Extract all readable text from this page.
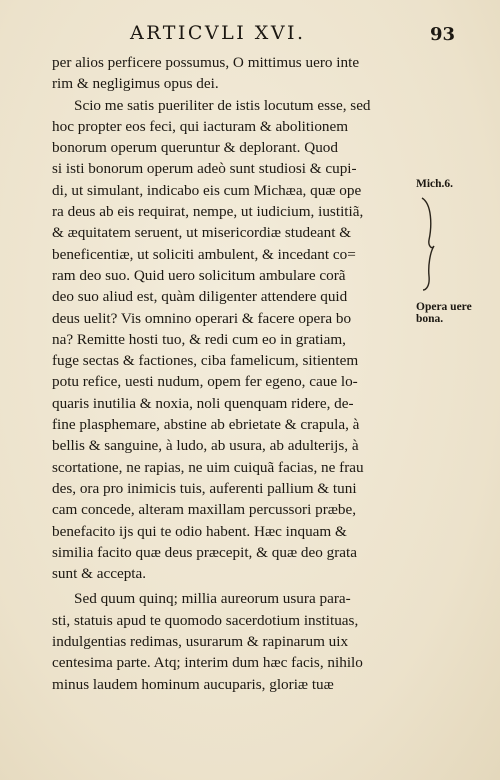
ARTICVLI XVI.	93
per alios perficere possumus, O mittimus uero inte
rim & negligimus opus dei.
Scio me satis pueriliter de istis locutum esse, sed
hoc propter eos feci, qui iacturam & abolitionem
bonorum operum queruntur & deplorant. Quod
si isti bonorum operum adeò sunt studiosi & cupi-
di, ut simulant, indicabo eis cum Michæa, quæ ope
ra deus ab eis requirat, nempe, ut iudicium, iustitiã,
& æquitatem seruent, ut misericordiæ studeant &
beneficentiæ, ut soliciti ambulent, & incedant co=
ram deo suo. Quid uero solicitum ambulare corã
deo suo aliud est, quàm diligenter attendere quid
deus uelit? Vis omnino operari & facere opera bo
na? Remitte hosti tuo, & redi cum eo in gratiam,
fuge sectas & factiones, ciba famelicum, sitientem
potu refice, uesti nudum, opem fer egeno, caue lo-
quaris inutilia & noxia, noli quenquam ridere, de-
fine plasphemare, abstine ab ebrietate & crapula, à
bellis & sanguine, à ludo, ab usura, ab adulterijs, à
scortatione, ne rapias, ne uim cuiquã facias, ne frau
des, ora pro inimicis tuis, auferenti pallium & tuni
cam concede, alteram maxillam percussori præbe,
benefacito ijs qui te odio habent. Hæc inquam &
similia facito quæ deus præcepit, & quæ deo grata
sunt & accepta.
Sed quum quinq; millia aureorum usura para-
sti, statuis apud te quomodo sacerdotium instituas,
indulgentias redimas, usurarum & rapinarum uix
centesima parte. Atq; interim dum hæc facis, nihilo
minus laudem hominum aucuparis, gloriæ tuæ
Mich.6.
Opera uere
bona.
